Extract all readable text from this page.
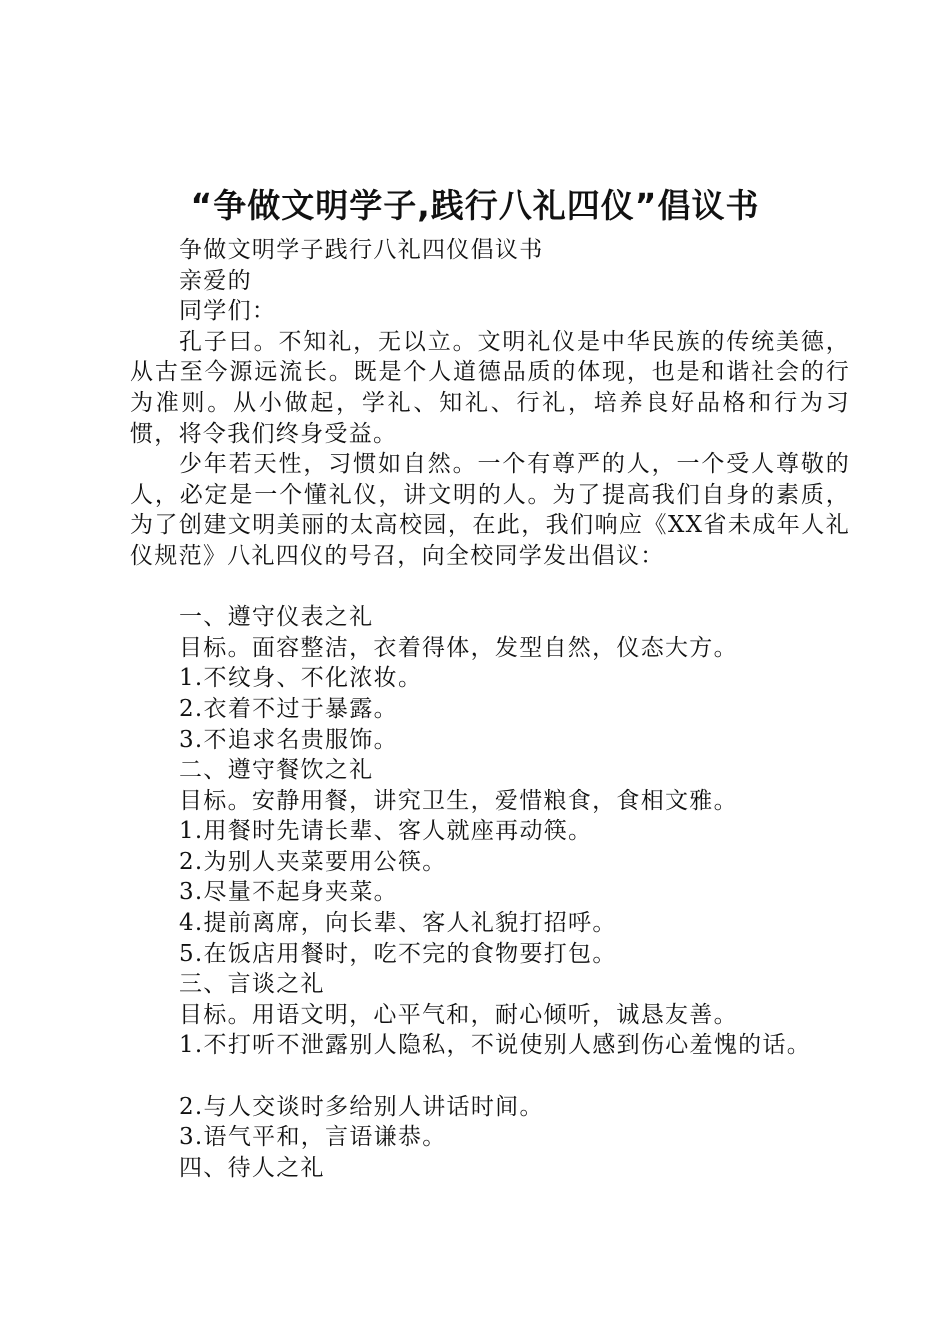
“争做文明学子,践行八礼四仪”倡议书
争做文明学子践行八礼四仪倡议书
亲爱的
同学们：

孔子曰。不知礼，无以立。文明礼仪是中华民族的传统美德，从古至今源远流长。既是个人道德品质的体现，也是和谐社会的行为准则。从小做起，学礼、知礼、行礼，培养良好品格和行为习惯，将令我们终身受益。

少年若天性，习惯如自然。一个有尊严的人，一个受人尊敬的人，必定是一个懂礼仪，讲文明的人。为了提高我们自身的素质，为了创建文明美丽的太高校园，在此，我们响应《XX省未成年人礼仪规范》八礼四仪的号召，向全校同学发出倡议：

一、遵守仪表之礼
目标。面容整洁，衣着得体，发型自然，仪态大方。
1.不纹身、不化浓妆。
2.衣着不过于暴露。
3.不追求名贵服饰。
二、遵守餐饮之礼
目标。安静用餐，讲究卫生，爱惜粮食，食相文雅。
1.用餐时先请长辈、客人就座再动筷。
2.为别人夹菜要用公筷。
3.尽量不起身夹菜。
4.提前离席，向长辈、客人礼貌打招呼。
5.在饭店用餐时，吃不完的食物要打包。
三、言谈之礼
目标。用语文明，心平气和，耐心倾听，诚恳友善。
1.不打听不泄露别人隐私，不说使别人感到伤心羞愧的话。
2.与人交谈时多给别人讲话时间。
3.语气平和，言语谦恭。
四、待人之礼
